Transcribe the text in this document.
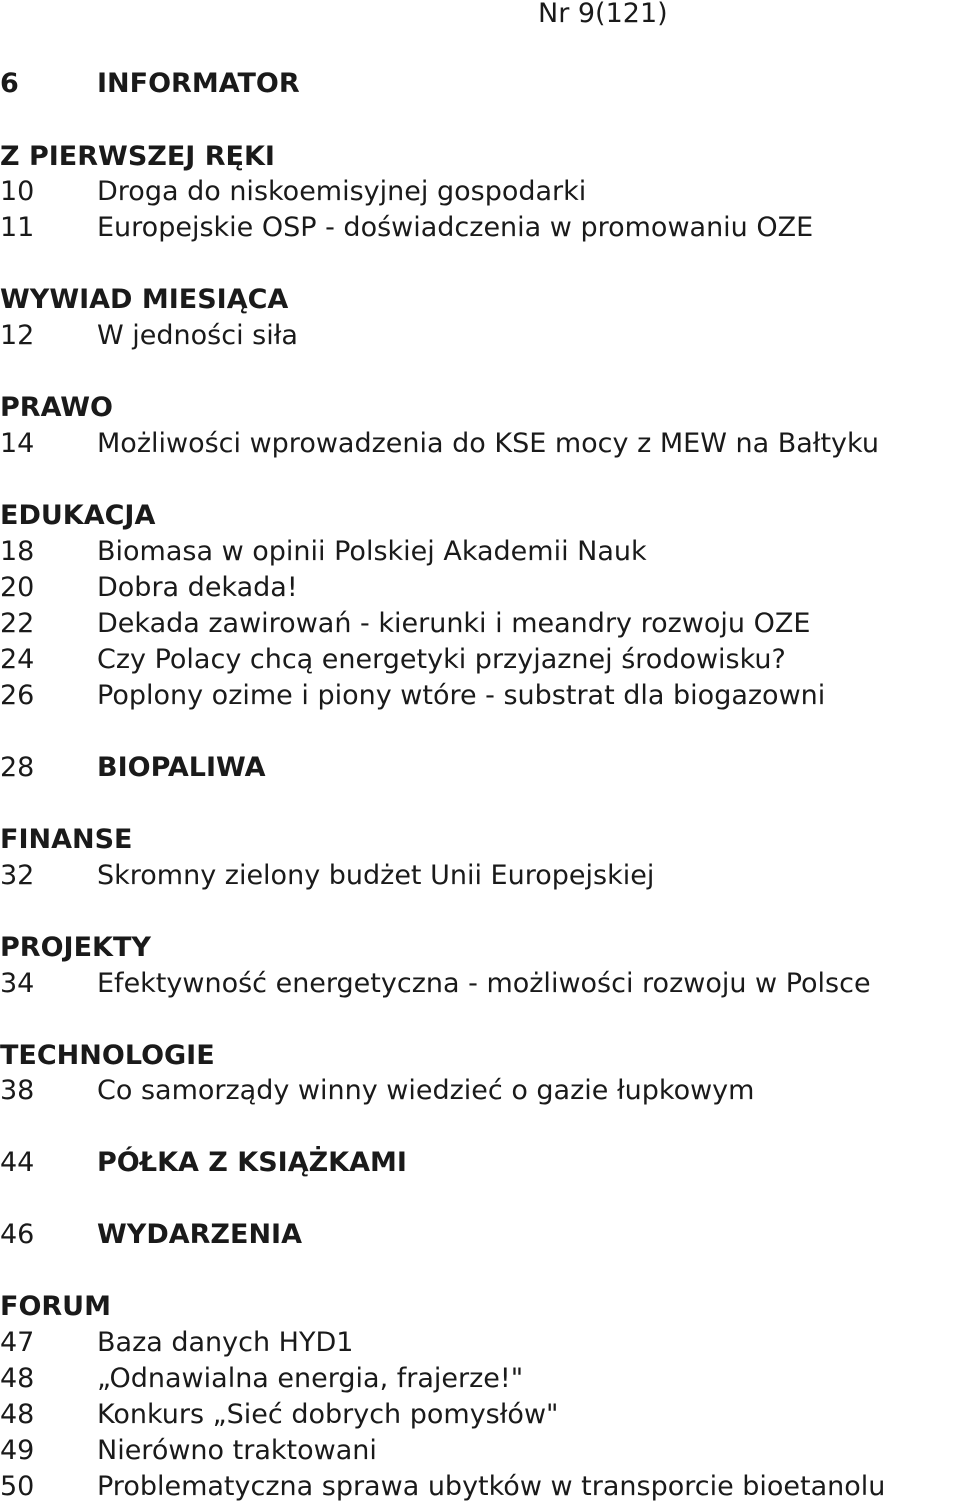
Nr 9(121)
6	INFORMATOR
Z PIERWSZEJ RĘKI
10 Droga do niskoemisyjnej gospodarki
11 Europejskie OSP - doświadczenia w promowaniu OZE
WYWIAD MIESIĄCA
12 W jedności siła
PRAWO
14 Możliwości wprowadzenia do KSE mocy z MEW na Bałtyku
EDUKACJA
18 Biomasa w opinii Polskiej Akademii Nauk
20 Dobra dekada!
22 Dekada zawirowań - kierunki i meandry rozwoju OZE
24 Czy Polacy chcą energetyki przyjaznej środowisku?
26 Poplony ozime i piony wtóre - substrat dla biogazowni
28 BIOPALIWA
FINANSE
32 Skromny zielony budżet Unii Europejskiej
PROJEKTY
34 Efektywność energetyczna - możliwości rozwoju w Polsce
TECHNOLOGIE
38 Co samorządy winny wiedzieć o gazie łupkowym
44 PÓŁKA Z KSIĄŻKAMI
46 WYDARZENIA
FORUM
47 Baza danych HYD1
48 „Odnawialna energia, frajerze!"
48 Konkurs „Sieć dobrych pomysłów"
49 Nierówno traktowani
50 Problematyczna sprawa ubytków w transporcie bioetanolu
